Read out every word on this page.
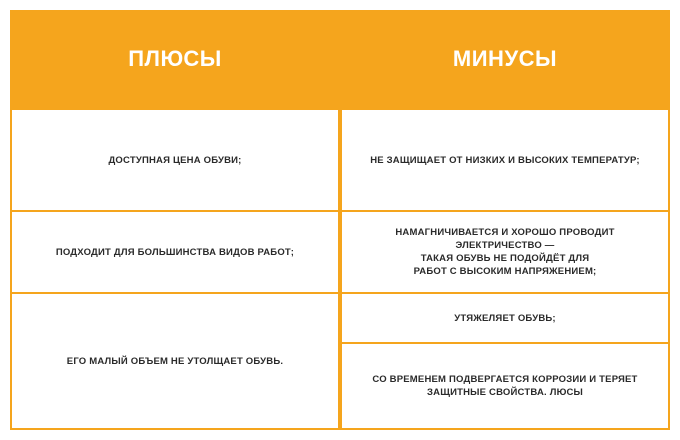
ПЛЮСЫ	МИНУСЫ
ДОСТУПНАЯ ЦЕНА ОБУВИ;
ПОДХОДИТ ДЛЯ БОЛЬШИНСТВА ВИДОВ РАБОТ;
ЕГО МАЛЫЙ ОБЪЕМ НЕ УТОЛЩАЕТ ОБУВЬ.
НЕ ЗАЩИЩАЕТ ОТ НИЗКИХ И ВЫСОКИХ ТЕМПЕРАТУР;
НАМАГНИЧИВАЕТСЯ И ХОРОШО ПРОВОДИТ ЭЛЕКТРИЧЕСТВО —
ТАКАЯ ОБУВЬ НЕ ПОДОЙДЁТ ДЛЯ
РАБОТ С ВЫСОКИМ НАПРЯЖЕНИЕМ;
УТЯЖЕЛЯЕТ ОБУВЬ;
СО ВРЕМЕНЕМ ПОДВЕРГАЕТСЯ КОРРОЗИИ И ТЕРЯЕТ
ЗАЩИТНЫЕ СВОЙСТВА. ЛЮСЫ
